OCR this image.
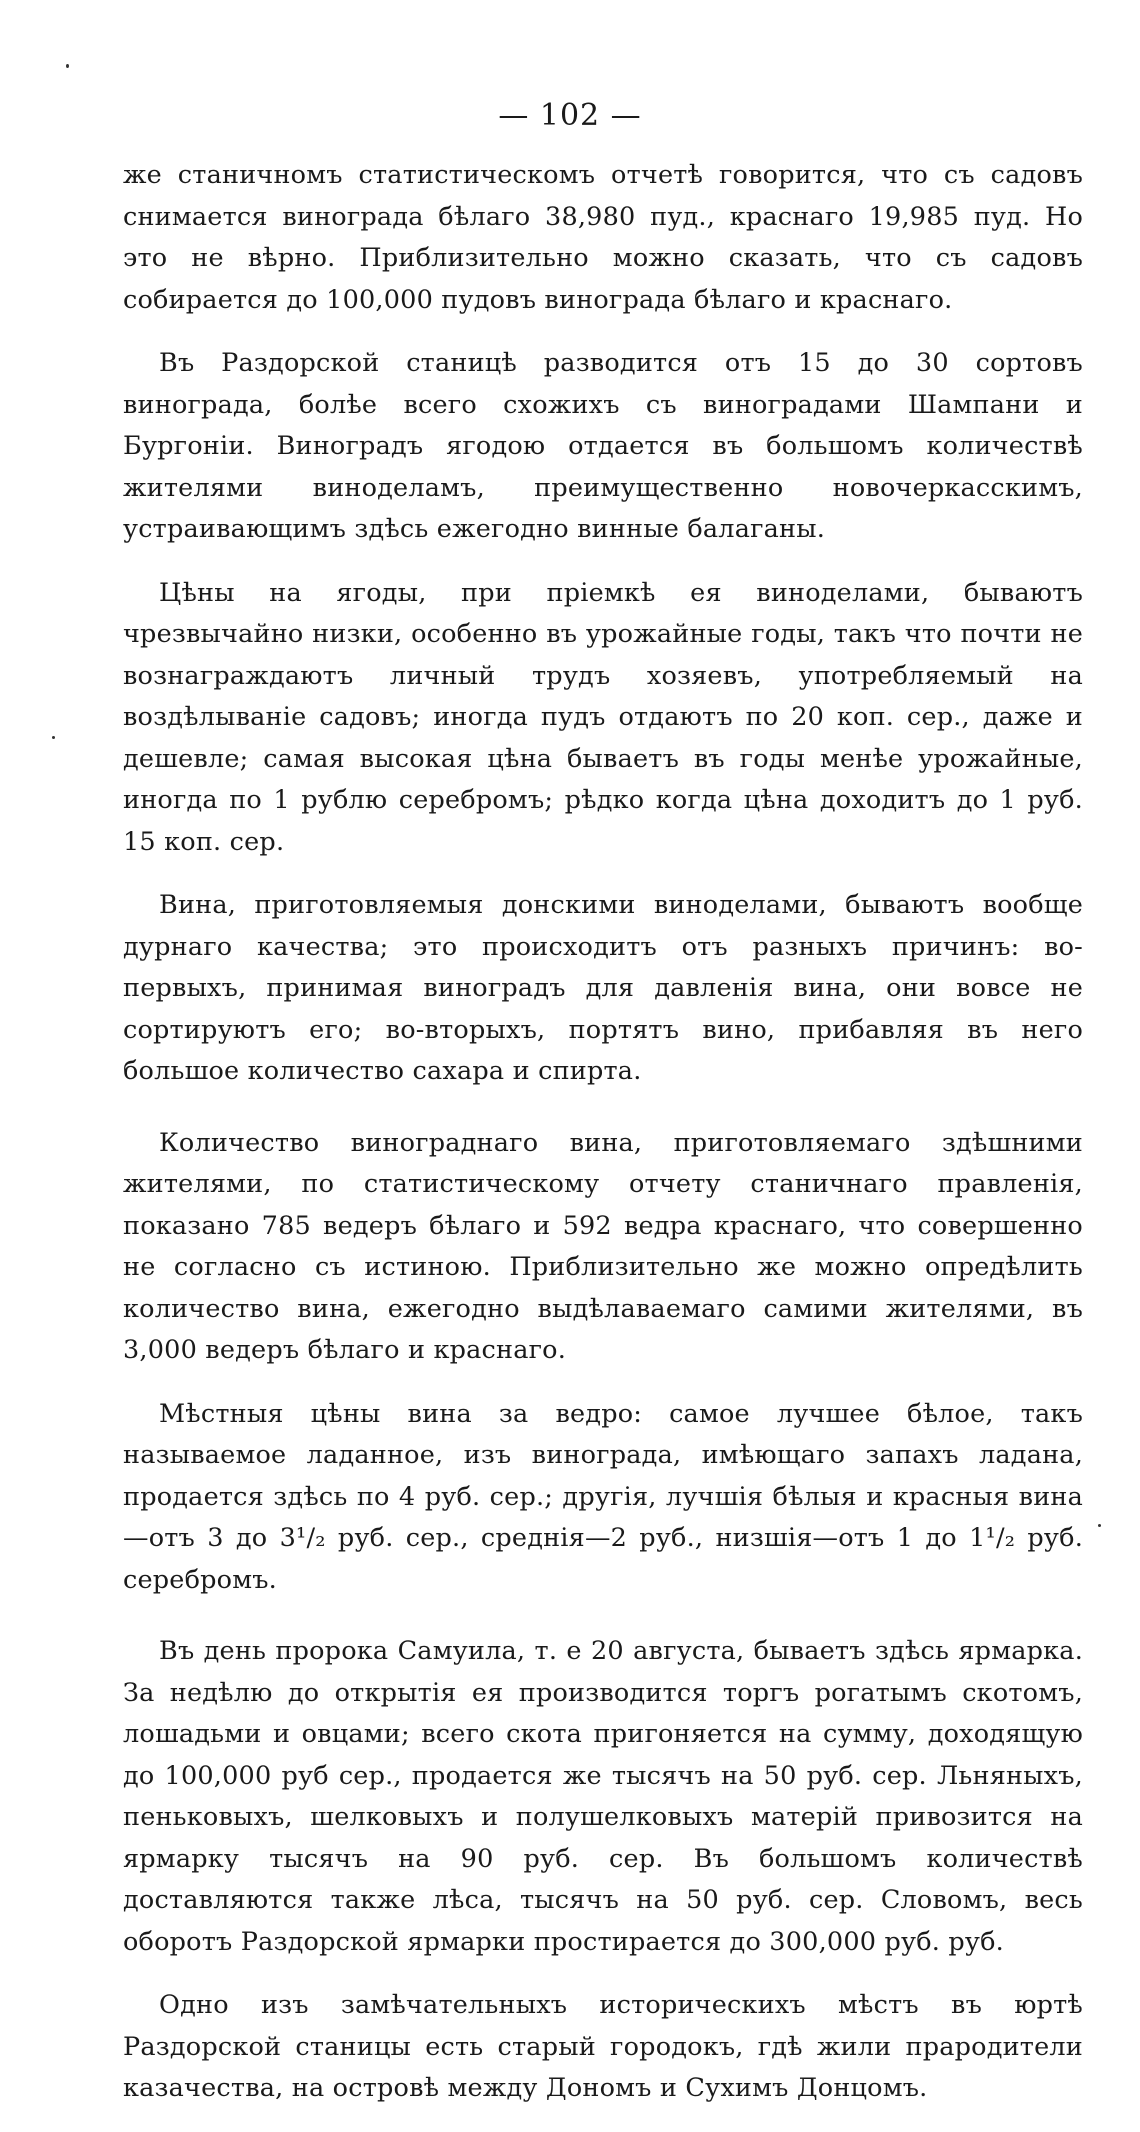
— 102 —

же станичномъ статистическомъ отчетѣ говорится, что съ садовъ снимается винограда бѣлаго 38,980 пуд., краснаго 19,985 пуд. Но это не вѣрно. Приблизительно можно сказать, что съ садовъ собирается до 100,000 пудовъ винограда бѣлаго и краснаго.

Въ Раздорской станицѣ разводится отъ 15 до 30 сортовъ винограда, болѣе всего схожихъ съ виноградами Шампани и Бургоніи. Виноградъ ягодою отдается въ большомъ количествѣ жителями виноделамъ, преимущественно новочеркасскимъ, устраивающимъ здѣсь ежегодно винные балаганы.

Цѣны на ягоды, при пріемкѣ ея виноделами, бываютъ чрезвычайно низки, особенно въ урожайные годы, такъ что почти не вознаграждаютъ личный трудъ хозяевъ, употребляемый на воздѣлываніе садовъ; иногда пудъ отдаютъ по 20 коп. сер., даже и дешевле; самая высокая цѣна бываетъ въ годы менѣе урожайные, иногда по 1 рублю серебромъ; рѣдко когда цѣна доходитъ до 1 руб. 15 коп. сер.

Вина, приготовляемыя донскими виноделами, бываютъ вообще дурнаго качества; это происходитъ отъ разныхъ причинъ: во-первыхъ, принимая виноградъ для давленія вина, они вовсе не сортируютъ его; во-вторыхъ, портятъ вино, прибавляя въ него большое количество сахара и спирта.

Количество винограднаго вина, приготовляемаго здѣшними жителями, по статистическому отчету станичнаго правленія, показано 785 ведеръ бѣлаго и 592 ведра краснаго, что совершенно не согласно съ истиною. Приблизительно же можно опредѣлить количество вина, ежегодно выдѣлаваемаго самими жителями, въ 3,000 ведеръ бѣлаго и краснаго.

Мѣстныя цѣны вина за ведро: самое лучшее бѣлое, такъ называемое ладанное, изъ винограда, имѣющаго запахъ ладана, продается здѣсь по 4 руб. сер.; другія, лучшія бѣлыя и красныя вина—отъ 3 до 3¹/₂ руб. сер., среднія—2 руб., низшія—отъ 1 до 1¹/₂ руб. серебромъ.

Въ день пророка Самуила, т. е 20 августа, бываетъ здѣсь ярмарка. За недѣлю до открытія ея производится торгъ рогатымъ скотомъ, лошадьми и овцами; всего скота пригоняется на сумму, доходящую до 100,000 руб сер., продается же тысячъ на 50 руб. сер. Льняныхъ, пеньковыхъ, шелковыхъ и полушелковыхъ матерій привозится на ярмарку тысячъ на 90 руб. сер. Въ большомъ количествѣ доставляются также лѣса, тысячъ на 50 руб. сер. Словомъ, весь оборотъ Раздорской ярмарки простирается до 300,000 руб. руб.

Одно изъ замѣчательныхъ историческихъ мѣстъ въ юртѣ Раздорской станицы есть старый городокъ, гдѣ жили прародители казачества, на островѣ между Дономъ и Сухимъ Донцомъ.
